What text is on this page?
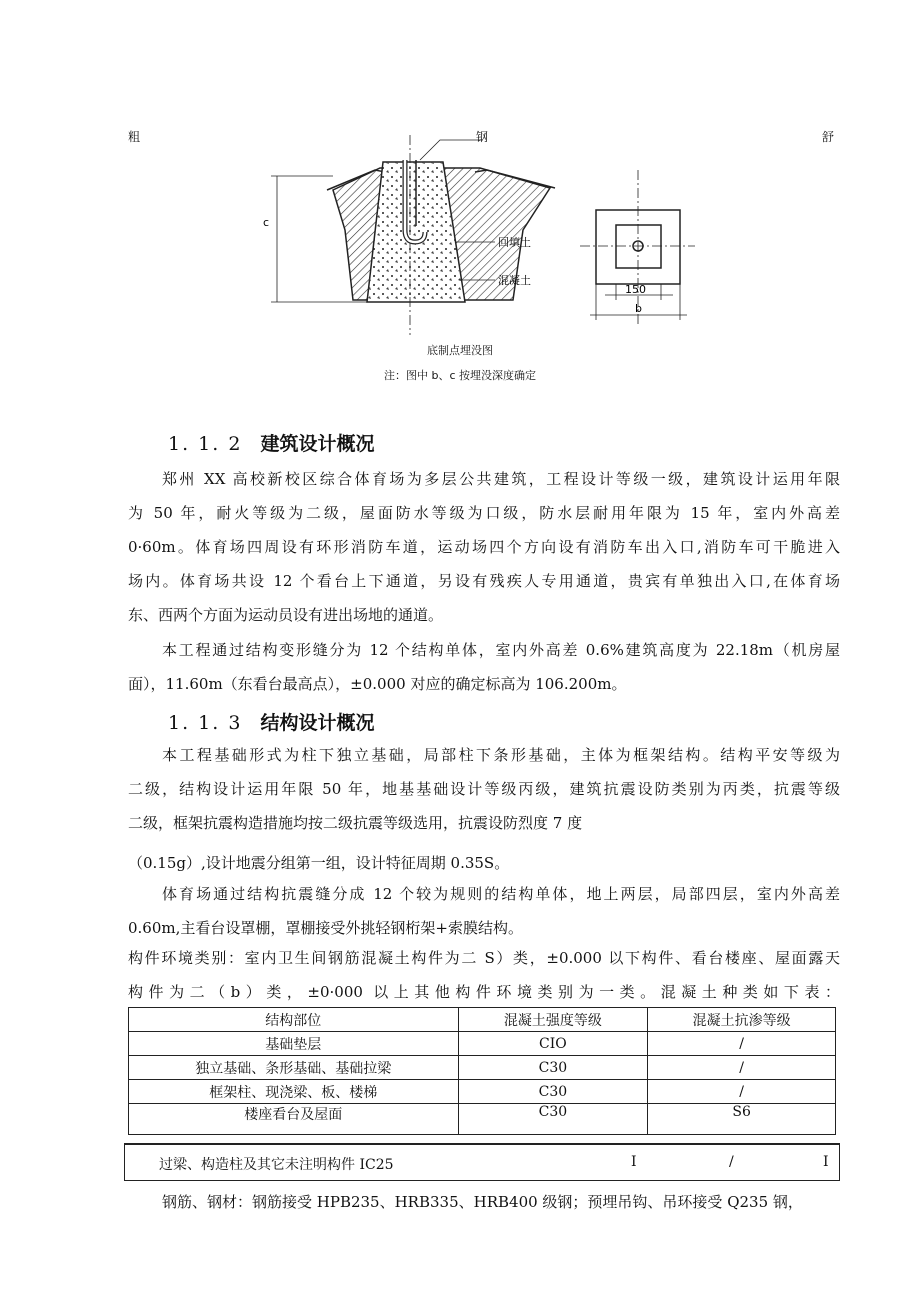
粗	钢	舒
c
回填土
混凝土
150
b
底制点埋没图
注：图中 b、c 按埋没深度确定
1. 1. 2 建筑设计概况
郑州 XX 高校新校区综合体育场为多层公共建筑，工程设计等级一级，建筑设计运用年限
为 50 年，耐火等级为二级，屋面防水等级为口级，防水层耐用年限为 15 年，室内外高差
0·60m。体育场四周设有环形消防车道，运动场四个方向设有消防车出入口,消防车可干脆进入
场内。体育场共设 12 个看台上下通道，另设有残疾人专用通道，贵宾有单独出入口,在体育场
东、西两个方面为运动员设有进出场地的通道。
本工程通过结构变形缝分为 12 个结构单体，室内外高差 0.6%建筑高度为 22.18m（机房屋
面），11.60m（东看台最高点），±0.000 对应的确定标高为 106.200m。
1. 1. 3 结构设计概况
本工程基础形式为柱下独立基础，局部柱下条形基础，主体为框架结构。结构平安等级为
二级，结构设计运用年限 50 年，地基基础设计等级丙级，建筑抗震设防类别为丙类，抗震等级
二级，框架抗震构造措施均按二级抗震等级选用，抗震设防烈度 7 度
（0.15g）,设计地震分组第一组，设计特征周期 0.35S。
体育场通过结构抗震缝分成 12 个较为规则的结构单体，地上两层，局部四层，室内外高差
0.60m,主看台设罩棚，罩棚接受外挑轻钢桁架+索膜结构。
构件环境类别：室内卫生间钢筋混凝土构件为二 S）类，±0.000 以下构件、看台楼座、屋面露天
构件为二（b）类，±0·000 以上其他构件环境类别为一类。混凝土种类如下表：
结构部位	混凝土强度等级	混凝土抗渗等级
基础垫层	CIO	/
独立基础、条形基础、基础拉梁	C30	/
框架柱、现浇梁、板、楼梯	C30	/
楼座看台及屋面	C30	S6
过梁、构造柱及其它未注明构件 IC25	I	/	I
钢筋、钢材：钢筋接受 HPB235、HRB335、HRB400 级钢；预埋吊钩、吊环接受 Q235 钢，
